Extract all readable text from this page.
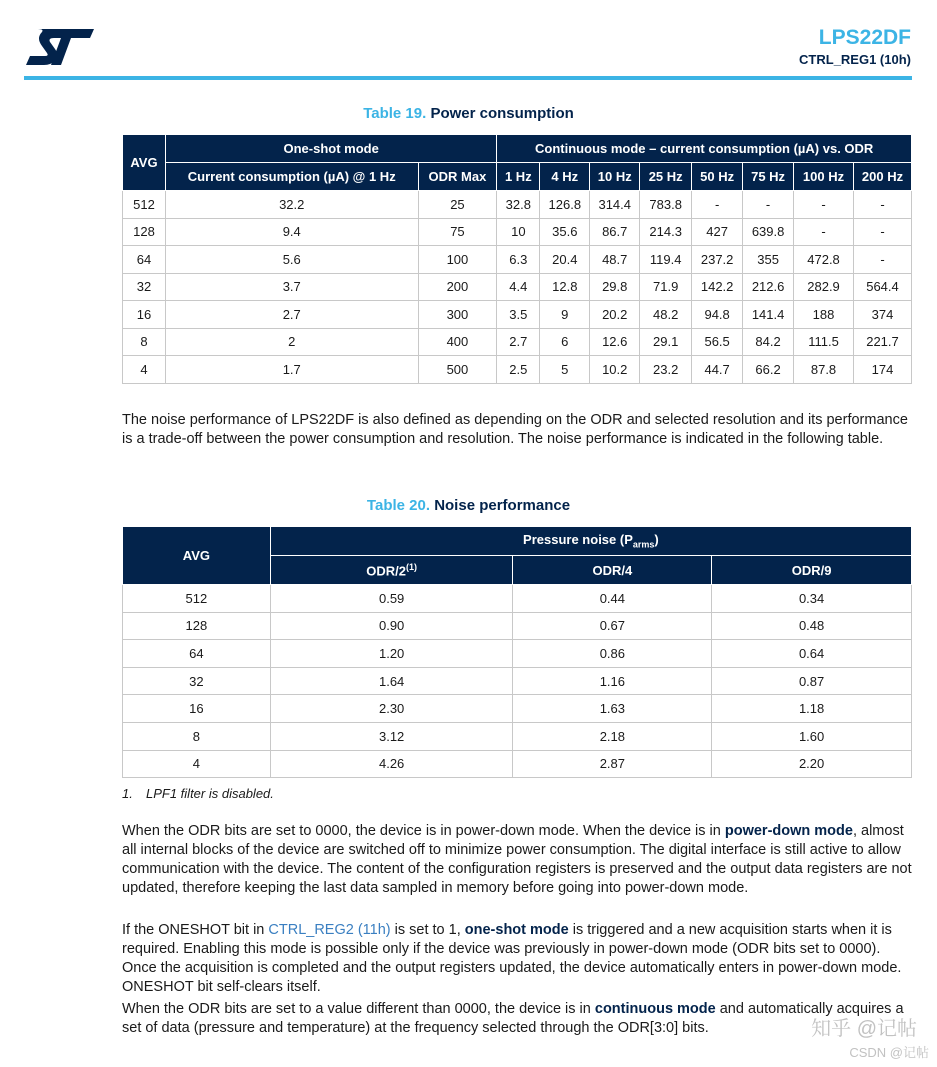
LPS22DF
CTRL_REG1 (10h)
Table 19. Power consumption
AVG	One-shot mode		Continuous mode – current consumption (µA) vs. ODR							
	Current consumption (µA) @ 1 Hz	ODR Max	1 Hz	4 Hz	10 Hz	25 Hz	50 Hz	75 Hz	100 Hz	200 Hz
512	32.2	25	32.8	126.8	314.4	783.8	-	-	-	-
128	9.4	75	10	35.6	86.7	214.3	427	639.8	-	-
64	5.6	100	6.3	20.4	48.7	119.4	237.2	355	472.8	-
32	3.7	200	4.4	12.8	29.8	71.9	142.2	212.6	282.9	564.4
16	2.7	300	3.5	9	20.2	48.2	94.8	141.4	188	374
8	2	400	2.7	6	12.6	29.1	56.5	84.2	111.5	221.7
4	1.7	500	2.5	5	10.2	23.2	44.7	66.2	87.8	174
The noise performance of LPS22DF is also defined as depending on the ODR and selected resolution and its performance is a trade-off between the power consumption and resolution. The noise performance is indicated in the following table.
Table 20. Noise performance
AVG	Pressure noise $(P_{arms})$		
	ODR/2$^{(1)}$	ODR/4	ODR/9
512	0.59	0.44	0.34
128	0.90	0.67	0.48
64	1.20	0.86	0.64
32	1.64	1.16	0.87
16	2.30	1.63	1.18
8	3.12	2.18	1.60
4	4.26	2.87	2.20
1. LPF1 filter is disabled.
When the ODR bits are set to 0000, the device is in power-down mode. When the device is in power-down mode, almost all internal blocks of the device are switched off to minimize power consumption. The digital interface is still active to allow communication with the device. The content of the configuration registers is preserved and the output data registers are not updated, therefore keeping the last data sampled in memory before going into power-down mode.
If the ONESHOT bit in CTRL_REG2 (11h) is set to 1, one-shot mode is triggered and a new acquisition starts when it is required. Enabling this mode is possible only if the device was previously in power-down mode (ODR bits set to 0000). Once the acquisition is completed and the output registers updated, the device automatically enters in power-down mode. ONESHOT bit self-clears itself.
When the ODR bits are set to a value different than 0000, the device is in continuous mode and automatically acquires a set of data (pressure and temperature) at the frequency selected through the ODR[3:0] bits.	知乎 @记帖
CSDN @记帖
